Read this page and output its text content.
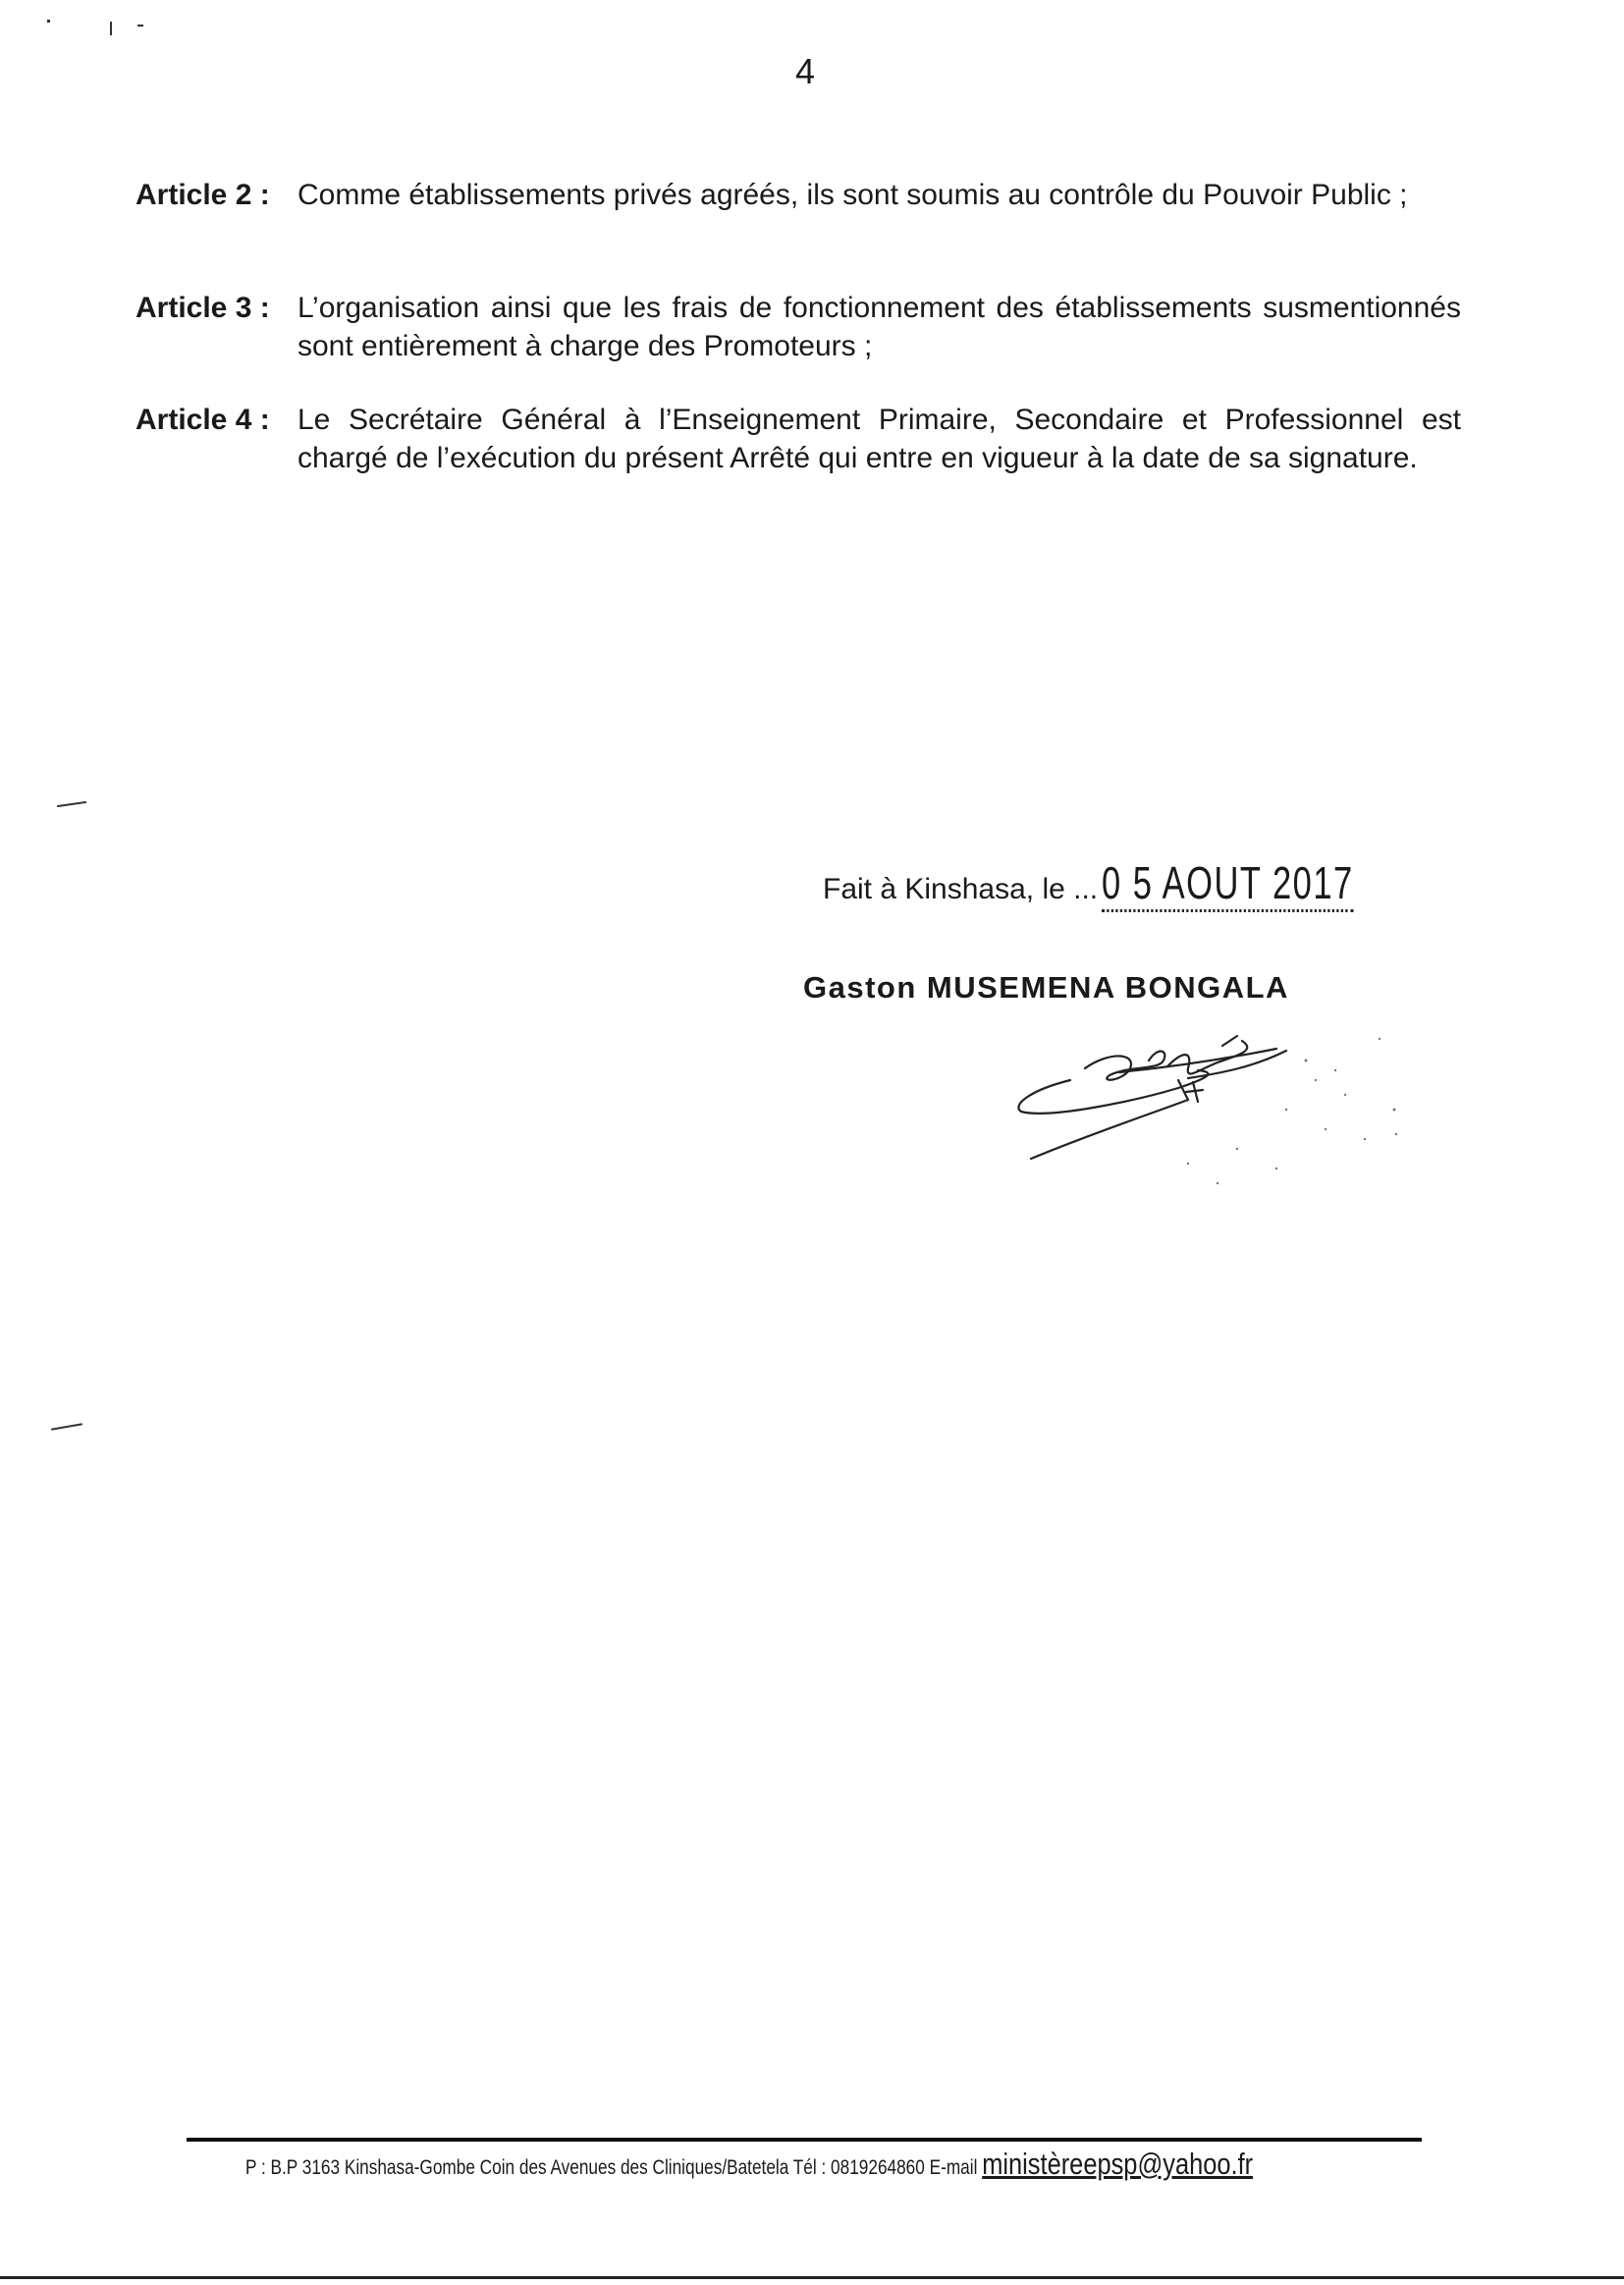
4
Article 2 : Comme établissements privés agréés, ils sont soumis au contrôle du Pouvoir Public ;
Article 3 : L’organisation ainsi que les frais de fonctionnement des établissements susmentionnés sont entièrement à charge des Promoteurs ;
Article 4 : Le Secrétaire Général à l’Enseignement Primaire, Secondaire et Professionnel est chargé de l’exécution du présent Arrêté qui entre en vigueur à la date de sa signature.
Fait à Kinshasa, le ...0 5 AOUT 2017
Gaston MUSEMENA BONGALA
P : B.P 3163 Kinshasa-Gombe Coin des Avenues des Cliniques/Batetela Tél : 0819264860 E-mail ministèreepsp@yahoo.fr
